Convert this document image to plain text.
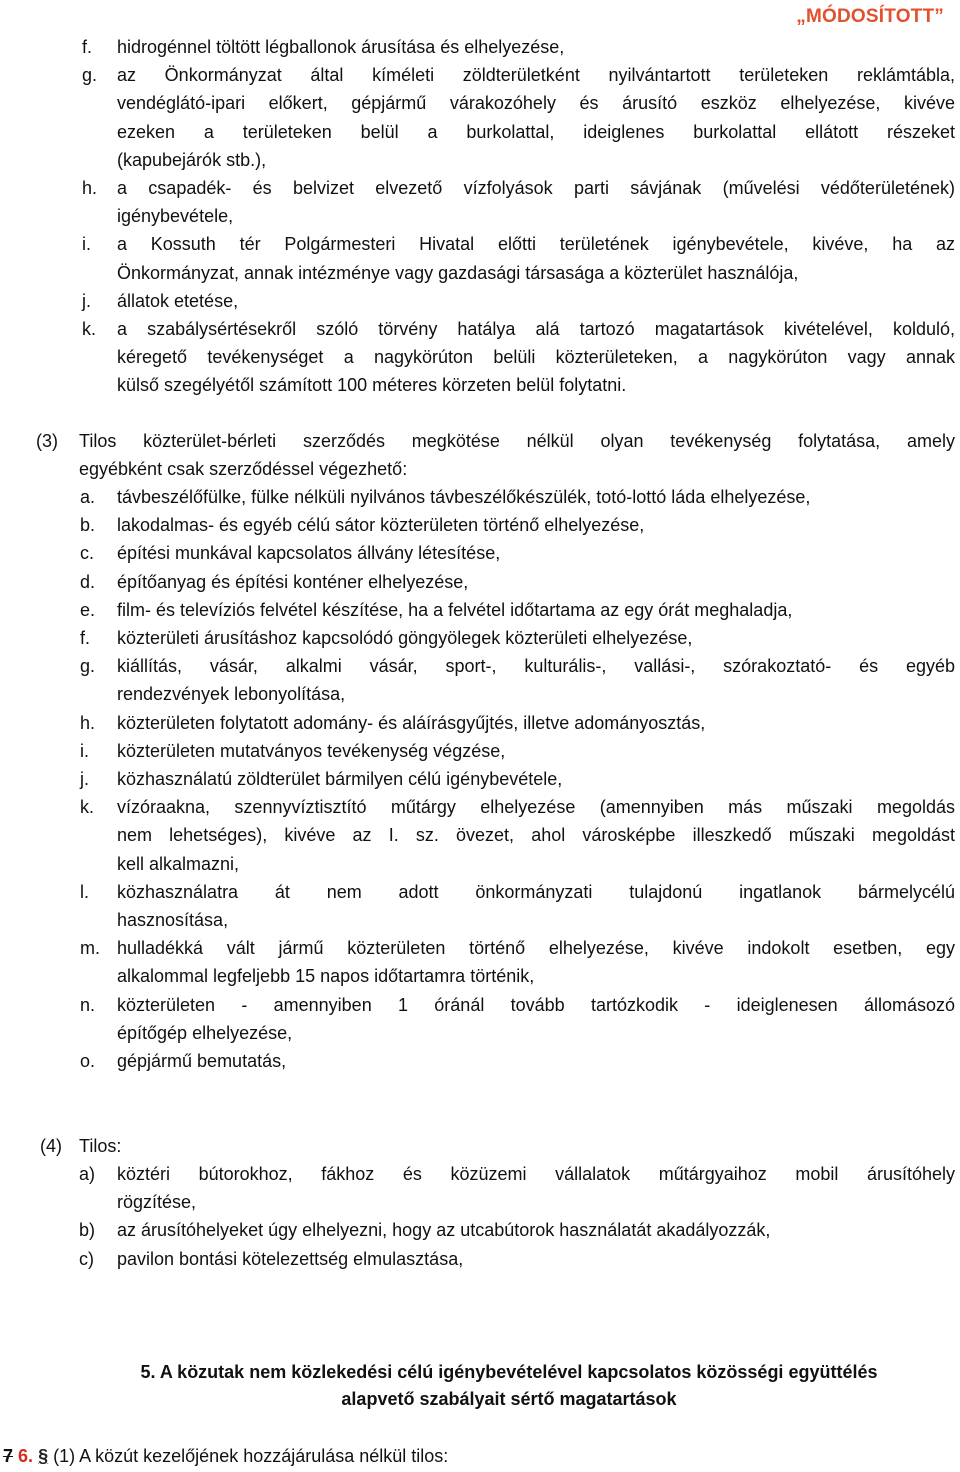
„MÓDOSÍTOTT”
f. hidrogénnel töltött légballonok árusítása és elhelyezése,
g. az Önkormányzat által kíméleti zöldterületként nyilvántartott területeken reklámtábla,
vendéglátó-ipari előkert, gépjármű várakozóhely és árusító eszköz elhelyezése, kivéve
ezeken a területeken belül a burkolattal, ideiglenes burkolattal ellátott részeket
(kapubejárók stb.),
h. a csapadék- és belvizet elvezető vízfolyások parti sávjának (művelési védőterületének)
igénybevétele,
i. a Kossuth tér Polgármesteri Hivatal előtti területének igénybevétele, kivéve, ha az
Önkormányzat, annak intézménye vagy gazdasági társasága a közterület használója,
j. állatok etetése,
k. a szabálysértésekről szóló törvény hatálya alá tartozó magatartások kivételével, kolduló,
kéregető tevékenységet a nagykörúton belüli közterületeken, a nagykörúton vagy annak
külső szegélyétől számított 100 méteres körzeten belül folytatni.
(3) Tilos közterület-bérleti szerződés megkötése nélkül olyan tevékenység folytatása, amely
egyébként csak szerződéssel végezhető:
a. távbeszélőfülke, fülke nélküli nyilvános távbeszélőkészülék, totó-lottó láda elhelyezése,
b. lakodalmas- és egyéb célú sátor közterületen történő elhelyezése,
c. építési munkával kapcsolatos állvány létesítése,
d. építőanyag és építési konténer elhelyezése,
e. film- és televíziós felvétel készítése, ha a felvétel időtartama az egy órát meghaladja,
f. közterületi árusításhoz kapcsolódó göngyölegek közterületi elhelyezése,
g. kiállítás, vásár, alkalmi vásár, sport-, kulturális-, vallási-, szórakoztató- és egyéb
rendezvények lebonyolítása,
h. közterületen folytatott adomány- és aláírásgyűjtés, illetve adományosztás,
i. közterületen mutatványos tevékenység végzése,
j. közhasználatú zöldterület bármilyen célú igénybevétele,
k. vízóraakna, szennyvíztisztító műtárgy elhelyezése (amennyiben más műszaki megoldás
nem lehetséges), kivéve az I. sz. övezet, ahol városképbe illeszkedő műszaki megoldást
kell alkalmazni,
l. közhasználatra át nem adott önkormányzati tulajdonú ingatlanok bármelycélú
hasznosítása,
m. hulladékká vált jármű közterületen történő elhelyezése, kivéve indokolt esetben, egy
alkalommal legfeljebb 15 napos időtartamra történik,
n. közterületen - amennyiben 1 óránál tovább tartózkodik - ideiglenesen állomásozó
építőgép elhelyezése,
o. gépjármű bemutatás,
(4) Tilos:
a) köztéri bútorokhoz, fákhoz és közüzemi vállalatok műtárgyaihoz mobil árusítóhely
rögzítése,
b) az árusítóhelyeket úgy elhelyezni, hogy az utcabútorok használatát akadályozzák,
c) pavilon bontási kötelezettség elmulasztása,
5. A közutak nem közlekedési célú igénybevételével kapcsolatos közösségi együttélés
alapvető szabályait sértő magatartások
7 6. § (1) A közút kezelőjének hozzájárulása nélkül tilos:
